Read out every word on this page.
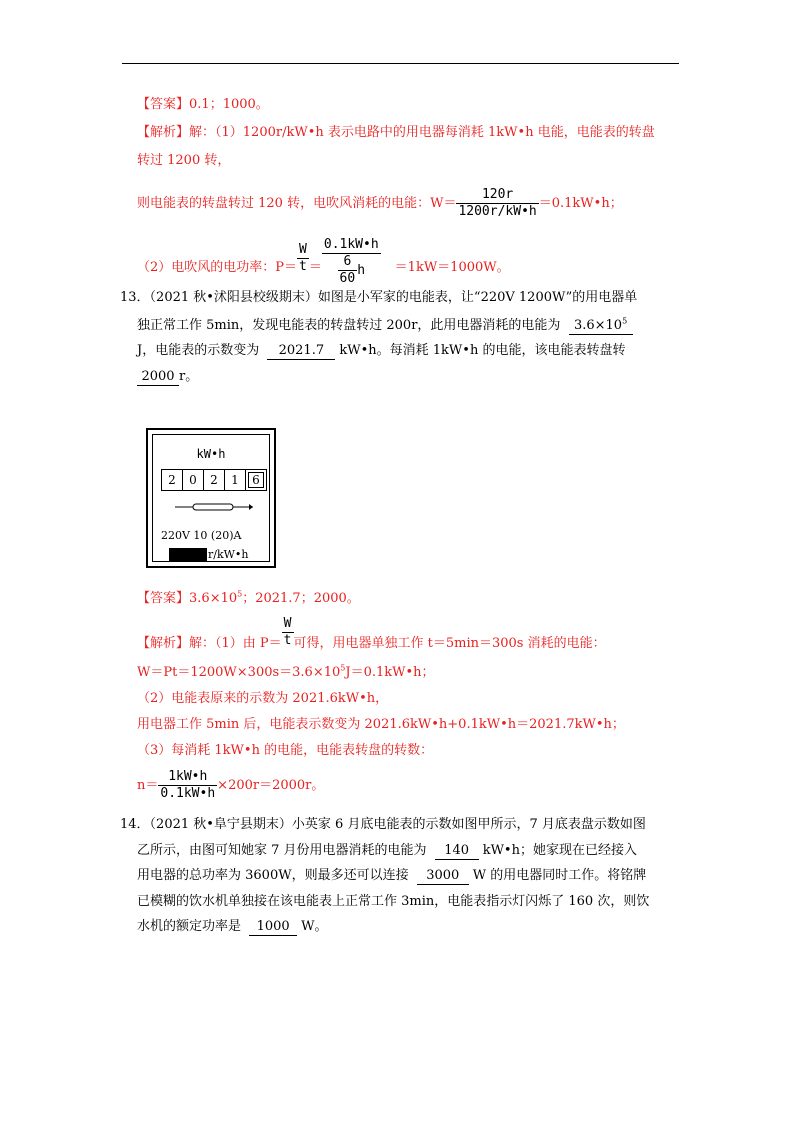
【答案】0.1；1000。
【解析】解：（1）1200r/kW•h 表示电路中的用电器每消耗 1kW•h 电能，电能表的转盘
转过 1200 转，
则电能表的转盘转过 120 转，电吹风消耗的电能：$W= \frac{120r}{1200r/kW•h}$ ＝0.1kW•h；
（2）电吹风的电功率：$P= \frac{W}{t} = \frac{0.1kW•h}{\frac{6}{60} h} =1kW=1000W$。
13．（2021 秋•沭阳县校级期末）如图是小军家的电能表，让“220V 1200W”的用电器单
独正常工作 5min，发现电能表的转盘转过 200r，此用电器消耗的电能为 $3.6\times 10^5$
J，电能表的示数变为 2021.7 kW•h。每消耗 1kW•h 的电能，该电能表转盘转
2000 r。
kW•h
2	0	2	1	6
220V 10 (20)A
r/kW•h
【答案】$3.6\times 10^5$；2021.7；2000。
【解析】解：（1）由 $P= \frac{W}{t}$ 可得，用电器单独工作 t＝5min＝300s 消耗的电能：
$W=Pt=1200W\times 300s=3.6\times 10^5J=0.1kW•h$；
（2）电能表原来的示数为 2021.6kW•h，
用电器工作 5min 后，电能表示数变为 2021.6kW•h+0.1kW•h＝2021.7kW•h；
（3）每消耗 1kW•h 的电能，电能表转盘的转数：
$n= \frac{1kW•h}{0.1kW•h} \times 200r=2000r$。
14．（2021 秋•阜宁县期末）小英家 6 月底电能表的示数如图甲所示，7 月底表盘示数如图
乙所示，由图可知她家 7 月份用电器消耗的电能为 140 kW•h；她家现在已经接入
用电器的总功率为 3600W，则最多还可以连接 3000 W 的用电器同时工作。将铭牌
已模糊的饮水机单独接在该电能表上正常工作 3min，电能表指示灯闪烁了 160 次，则饮
水机的额定功率是 1000 W。
